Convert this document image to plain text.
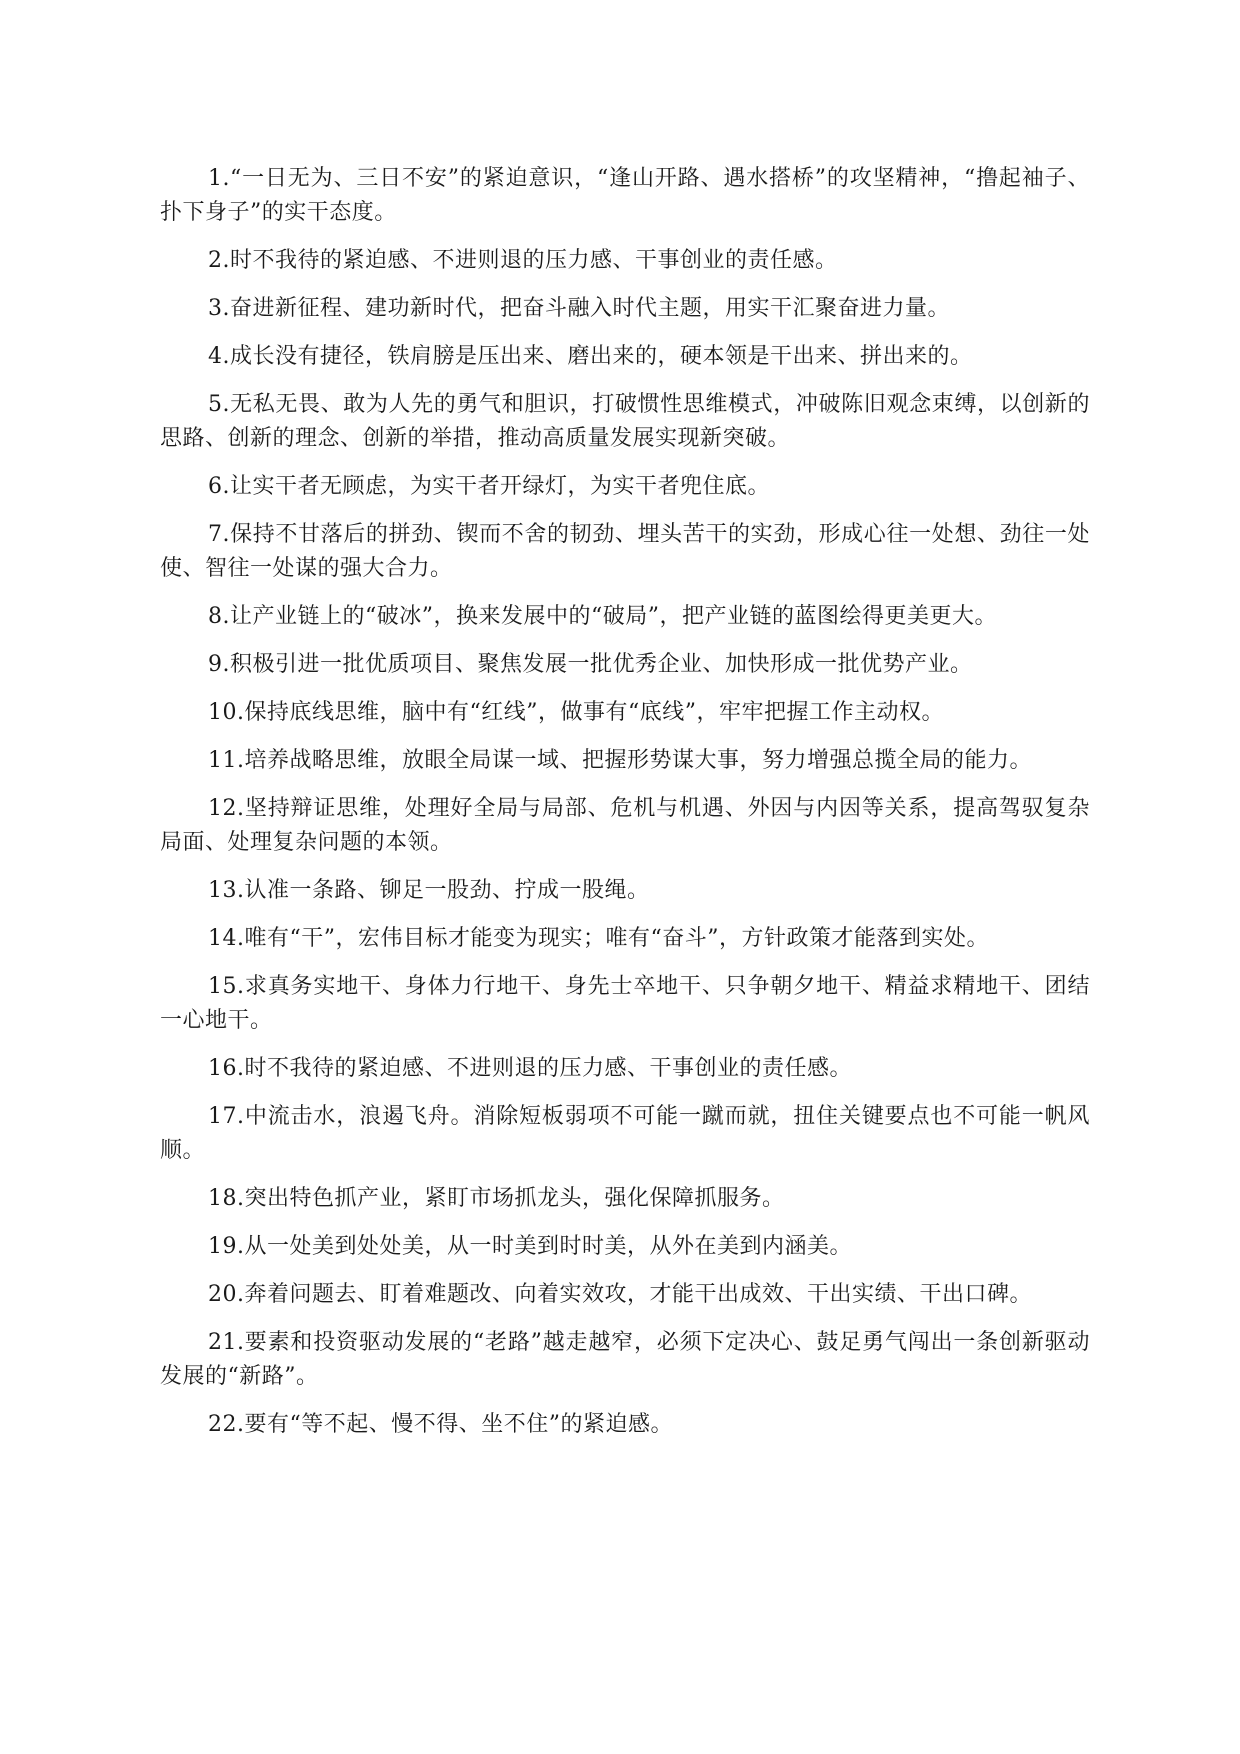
1.“一日无为、三日不安”的紧迫意识，“逢山开路、遇水搭桥”的攻坚精神，“撸起袖子、扑下身子”的实干态度。

2.时不我待的紧迫感、不进则退的压力感、干事创业的责任感。

3.奋进新征程、建功新时代，把奋斗融入时代主题，用实干汇聚奋进力量。

4.成长没有捷径，铁肩膀是压出来、磨出来的，硬本领是干出来、拼出来的。

5.无私无畏、敢为人先的勇气和胆识，打破惯性思维模式，冲破陈旧观念束缚，以创新的思路、创新的理念、创新的举措，推动高质量发展实现新突破。

6.让实干者无顾虑，为实干者开绿灯，为实干者兜住底。

7.保持不甘落后的拼劲、锲而不舍的韧劲、埋头苦干的实劲，形成心往一处想、劲往一处使、智往一处谋的强大合力。

8.让产业链上的“破冰”，换来发展中的“破局”，把产业链的蓝图绘得更美更大。

9.积极引进一批优质项目、聚焦发展一批优秀企业、加快形成一批优势产业。

10.保持底线思维，脑中有“红线”，做事有“底线”，牢牢把握工作主动权。

11.培养战略思维，放眼全局谋一域、把握形势谋大事，努力增强总揽全局的能力。

12.坚持辩证思维，处理好全局与局部、危机与机遇、外因与内因等关系，提高驾驭复杂局面、处理复杂问题的本领。

13.认准一条路、铆足一股劲、拧成一股绳。

14.唯有“干”，宏伟目标才能变为现实；唯有“奋斗”，方针政策才能落到实处。

15.求真务实地干、身体力行地干、身先士卒地干、只争朝夕地干、精益求精地干、团结一心地干。

16.时不我待的紧迫感、不进则退的压力感、干事创业的责任感。

17.中流击水，浪遏飞舟。消除短板弱项不可能一蹴而就，扭住关键要点也不可能一帆风顺。

18.突出特色抓产业，紧盯市场抓龙头，强化保障抓服务。

19.从一处美到处处美，从一时美到时时美，从外在美到内涵美。

20.奔着问题去、盯着难题改、向着实效攻，才能干出成效、干出实绩、干出口碑。

21.要素和投资驱动发展的“老路”越走越窄，必须下定决心、鼓足勇气闯出一条创新驱动发展的“新路”。

22.要有“等不起、慢不得、坐不住”的紧迫感。
